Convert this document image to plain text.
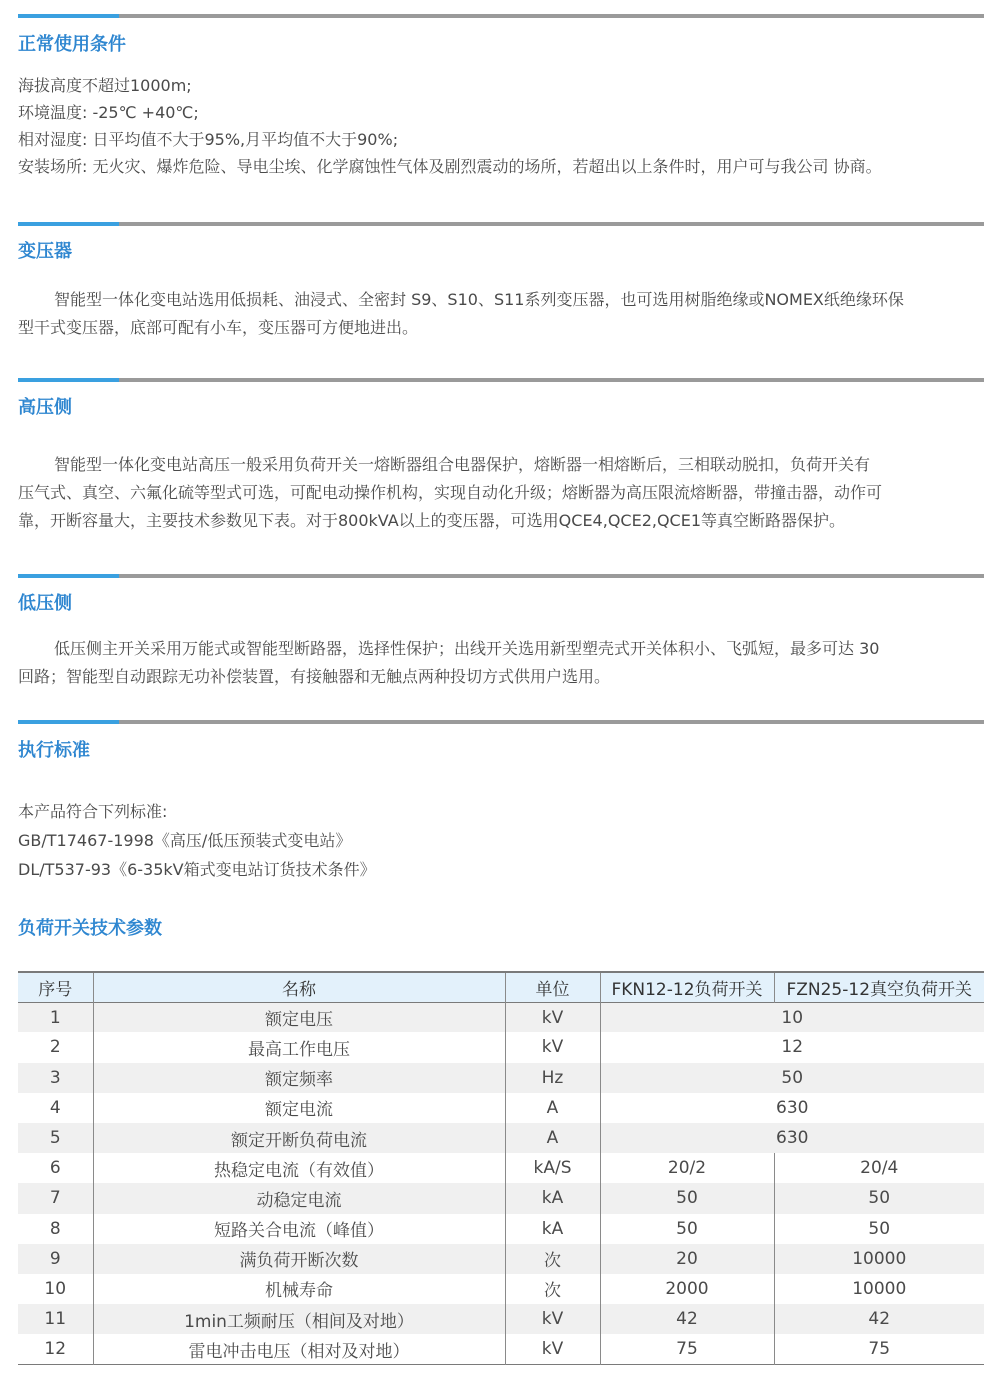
正常使用条件
海拔高度不超过1000m;
环境温度: -25℃ +40℃;
相对湿度: 日平均值不大于95%,月平均值不大于90%;
安装场所: 无火灾、爆炸危险、导电尘埃、化学腐蚀性气体及剧烈震动的场所，若超出以上条件时，用户可与我公司 协商。
变压器
智能型一体化变电站选用低损耗、油浸式、全密封 S9、S10、S11系列变压器，也可选用树脂绝缘或NOMEX纸绝缘环保
型干式变压器，底部可配有小车，变压器可方便地进出。
高压侧
智能型一体化变电站高压一般采用负荷开关一熔断器组合电器保护，熔断器一相熔断后，三相联动脱扣，负荷开关有
压气式、真空、六氟化硫等型式可选，可配电动操作机构，实现自动化升级；熔断器为高压限流熔断器，带撞击器，动作可
靠，开断容量大，主要技术参数见下表。对于800kVA以上的变压器，可选用QCE4,QCE2,QCE1等真空断路器保护。
低压侧
低压侧主开关采用万能式或智能型断路器，选择性保护；出线开关选用新型塑壳式开关体积小、飞弧短，最多可达 30
回路；智能型自动跟踪无功补偿装置，有接触器和无触点两种投切方式供用户选用。
执行标准
本产品符合下列标准:
GB/T17467-1998《高压/低压预装式变电站》
DL/T537-93《6-35kV箱式变电站订货技术条件》
负荷开关技术参数
序号	名称	单位	FKN12-12负荷开关	FZN25-12真空负荷开关
1	额定电压	kV	10	
2	最高工作电压	kV	12	
3	额定频率	Hz	50	
4	额定电流	A	630	
5	额定开断负荷电流	A	630	
6	热稳定电流（有效值）	kA/S	20/2	20/4
7	动稳定电流	kA	50	50
8	短路关合电流（峰值）	kA	50	50
9	满负荷开断次数	次	20	10000
10	机械寿命	次	2000	10000
11	1min工频耐压（相间及对地）	kV	42	42
12	雷电冲击电压（相对及对地）	kV	75	75
